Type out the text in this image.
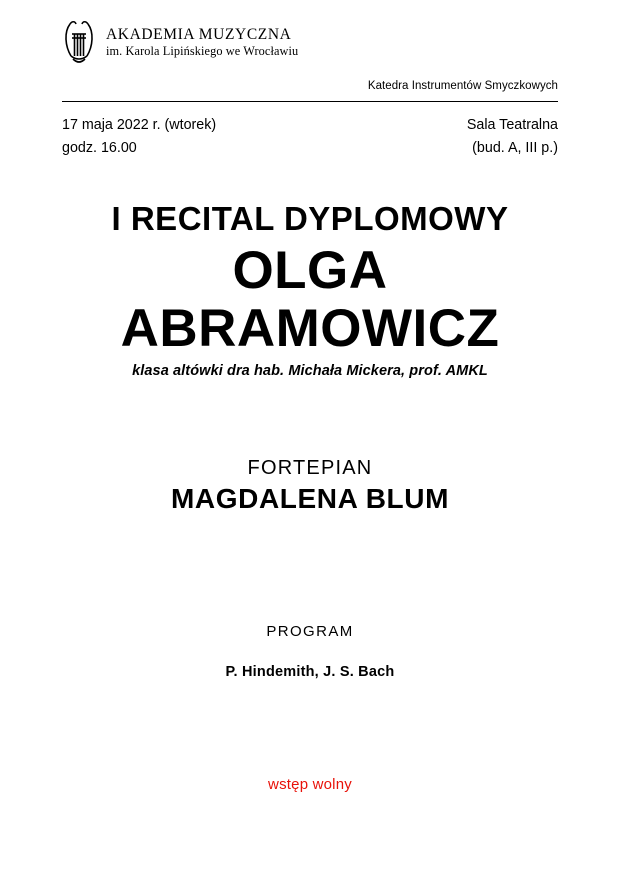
AKADEMIA MUZYCZNA
im. Karola Lipińskiego we Wrocławiu
Katedra Instrumentów Smyczkowych
17 maja 2022 r. (wtorek)
godz. 16.00
Sala Teatralna
(bud. A, III p.)
I RECITAL DYPLOMOWY
OLGA
ABRAMOWICZ
klasa altówki dra hab. Michała Mickera, prof. AMKL
FORTEPIAN
MAGDALENA BLUM
PROGRAM
P. Hindemith, J. S. Bach
wstęp wolny
